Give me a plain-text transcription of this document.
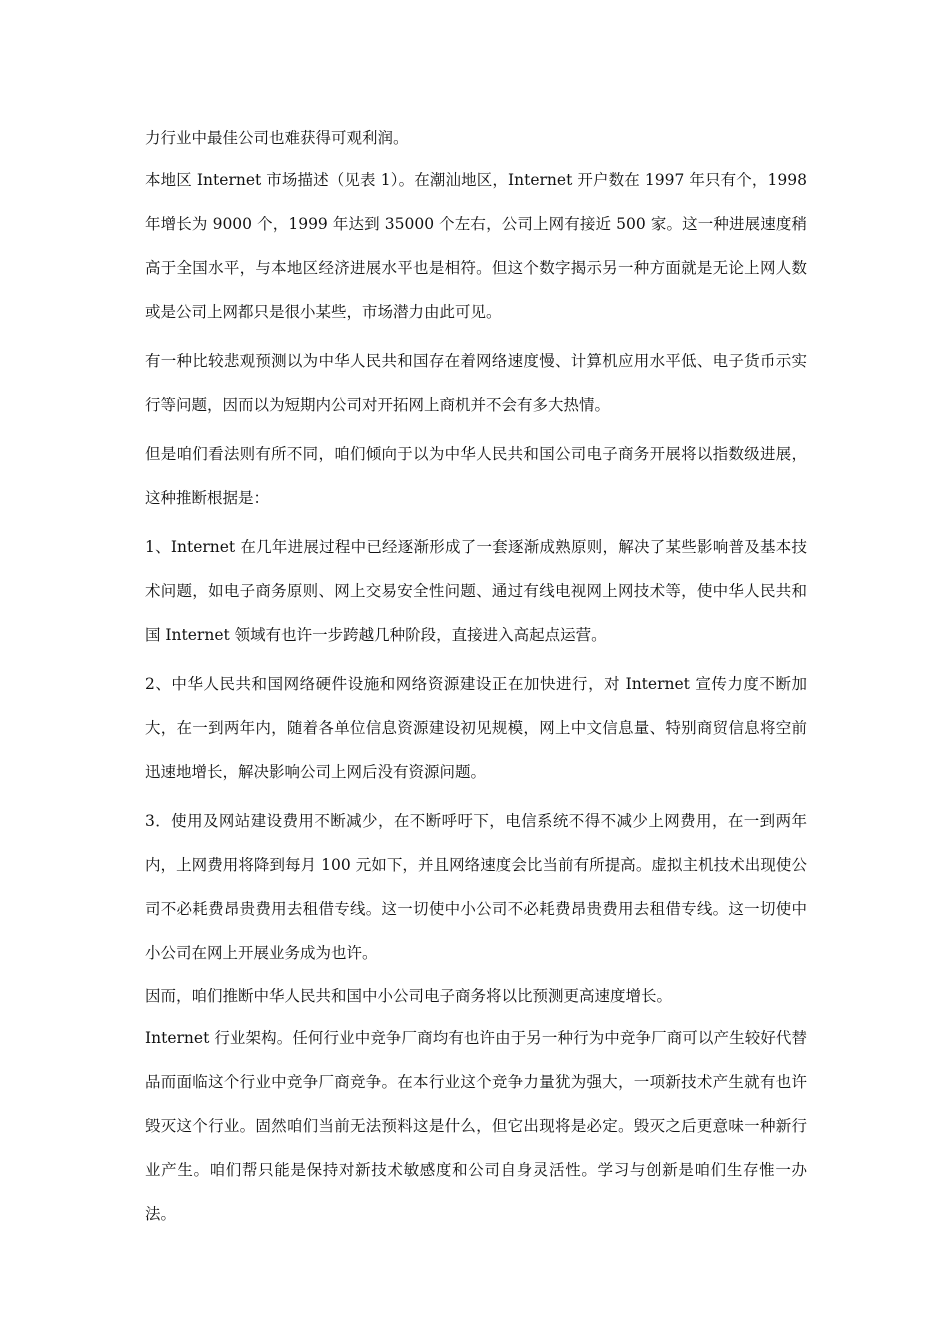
力行业中最佳公司也难获得可观利润。

本地区 Internet 市场描述（见表 1）。在潮汕地区，Internet 开户数在 1997 年只有个，1998 年增长为 9000 个，1999 年达到 35000 个左右，公司上网有接近 500 家。这一种进展速度稍高于全国水平，与本地区经济进展水平也是相符。但这个数字揭示另一种方面就是无论上网人数或是公司上网都只是很小某些，市场潜力由此可见。

有一种比较悲观预测以为中华人民共和国存在着网络速度慢、计算机应用水平低、电子货币示实行等问题，因而以为短期内公司对开拓网上商机并不会有多大热情。

但是咱们看法则有所不同，咱们倾向于以为中华人民共和国公司电子商务开展将以指数级进展，这种推断根据是：

1、Internet 在几年进展过程中已经逐渐形成了一套逐渐成熟原则，解决了某些影响普及基本技术问题，如电子商务原则、网上交易安全性问题、通过有线电视网上网技术等，使中华人民共和国 Internet 领域有也许一步跨越几种阶段，直接进入高起点运营。

2、中华人民共和国网络硬件设施和网络资源建设正在加快进行，对 Internet 宣传力度不断加大，在一到两年内，随着各单位信息资源建设初见规模，网上中文信息量、特别商贸信息将空前迅速地增长，解决影响公司上网后没有资源问题。

3．使用及网站建设费用不断减少，在不断呼吁下，电信系统不得不减少上网费用，在一到两年内，上网费用将降到每月 100 元如下，并且网络速度会比当前有所提高。虚拟主机技术出现使公司不必耗费昂贵费用去租借专线。这一切使中小公司不必耗费昂贵费用去租借专线。这一切使中小公司在网上开展业务成为也许。

因而，咱们推断中华人民共和国中小公司电子商务将以比预测更高速度增长。

Internet 行业架构。任何行业中竞争厂商均有也许由于另一种行为中竞争厂商可以产生较好代替品而面临这个行业中竞争厂商竞争。在本行业这个竞争力量犹为强大，一项新技术产生就有也许毁灭这个行业。固然咱们当前无法预料这是什么，但它出现将是必定。毁灭之后更意味一种新行业产生。咱们帮只能是保持对新技术敏感度和公司自身灵活性。学习与创新是咱们生存惟一办法。
